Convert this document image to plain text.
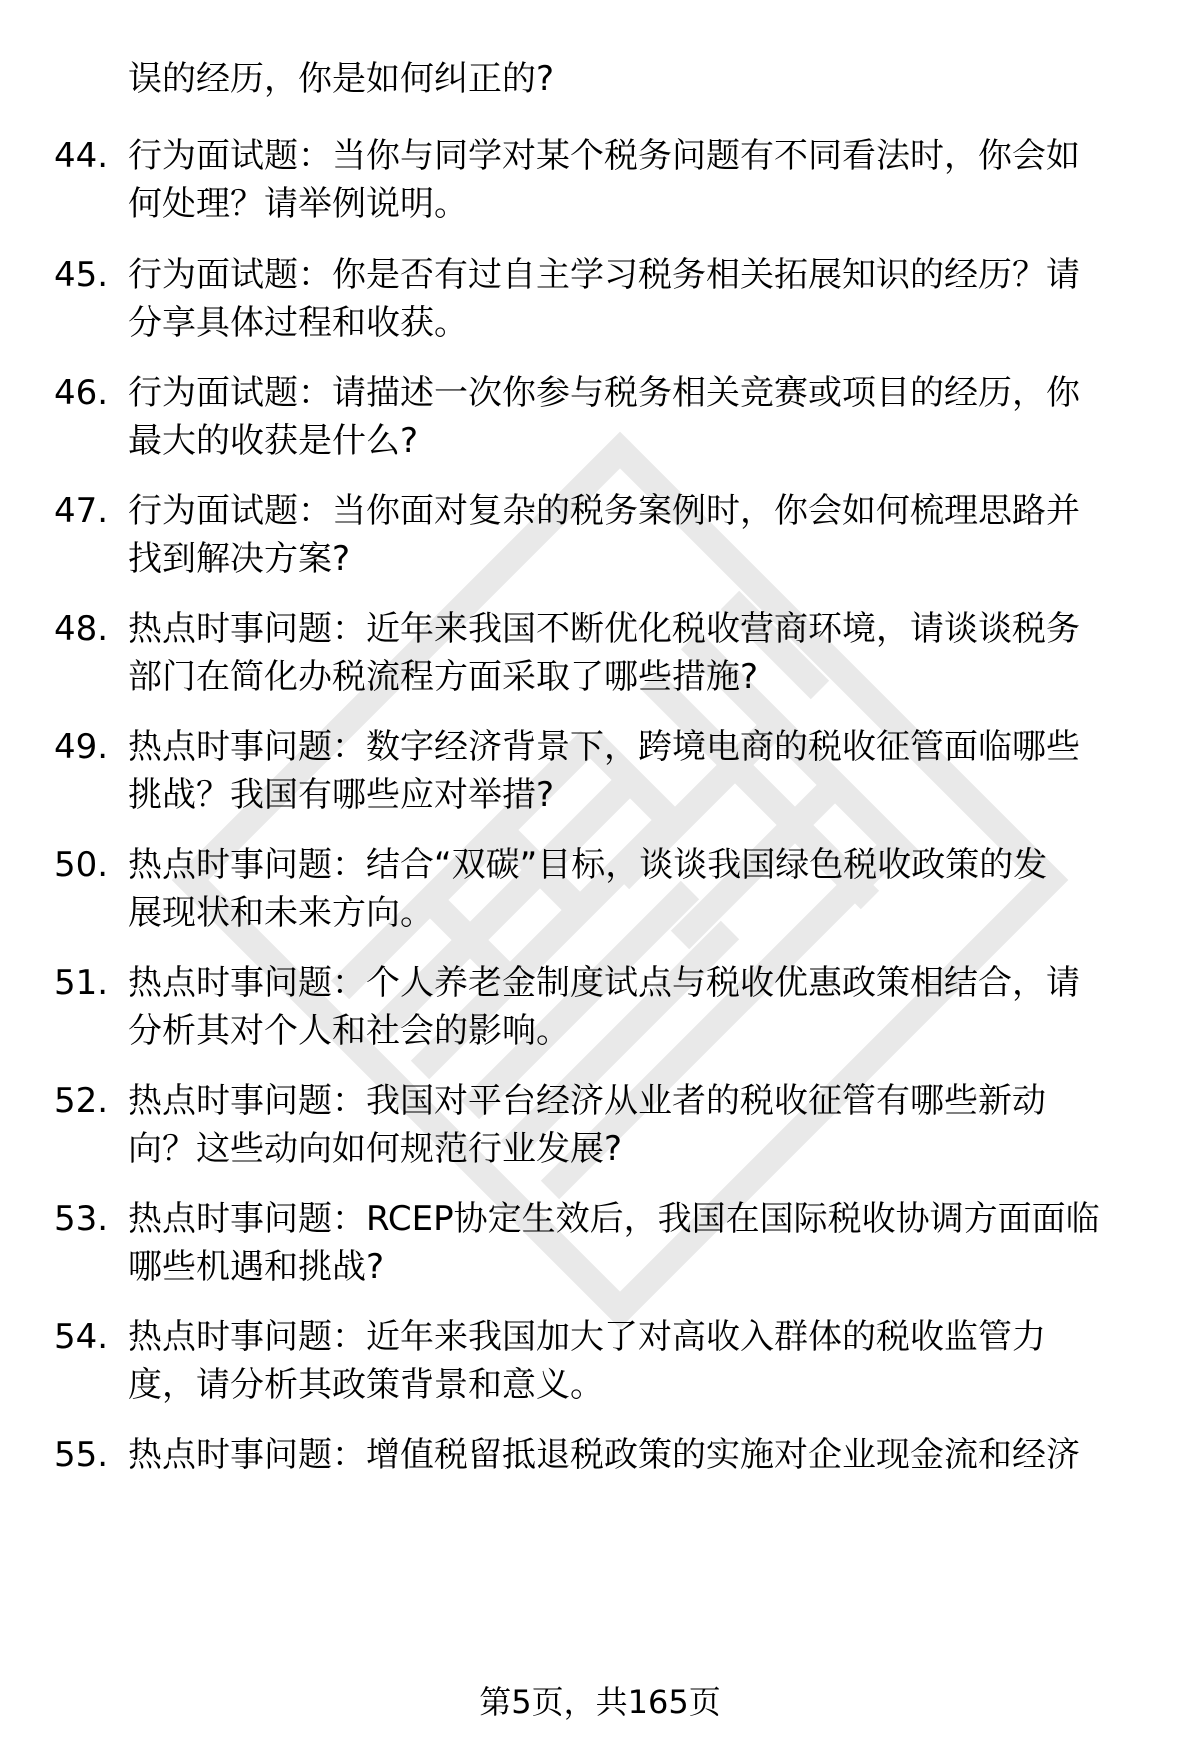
误的经历，你是如何纠正的?
44. 行为面试题：当你与同学对某个税务问题有不同看法时，你会如
何处理？请举例说明。
45. 行为面试题：你是否有过自主学习税务相关拓展知识的经历？请
分享具体过程和收获。
46. 行为面试题：请描述一次你参与税务相关竞赛或项目的经历，你
最大的收获是什么?
47. 行为面试题：当你面对复杂的税务案例时，你会如何梳理思路并
找到解决方案?
48. 热点时事问题：近年来我国不断优化税收营商环境，请谈谈税务
部门在简化办税流程方面采取了哪些措施?
49. 热点时事问题：数字经济背景下，跨境电商的税收征管面临哪些
挑战？我国有哪些应对举措?
50. 热点时事问题：结合“双碳”目标，谈谈我国绿色税收政策的发
展现状和未来方向。
51. 热点时事问题：个人养老金制度试点与税收优惠政策相结合，请
分析其对个人和社会的影响。
52. 热点时事问题：我国对平台经济从业者的税收征管有哪些新动
向？这些动向如何规范行业发展?
53. 热点时事问题：RCEP协定生效后，我国在国际税收协调方面面临
哪些机遇和挑战?
54. 热点时事问题：近年来我国加大了对高收入群体的税收监管力
度，请分析其政策背景和意义。
55. 热点时事问题：增值税留抵退税政策的实施对企业现金流和经济
第5页，共165页
